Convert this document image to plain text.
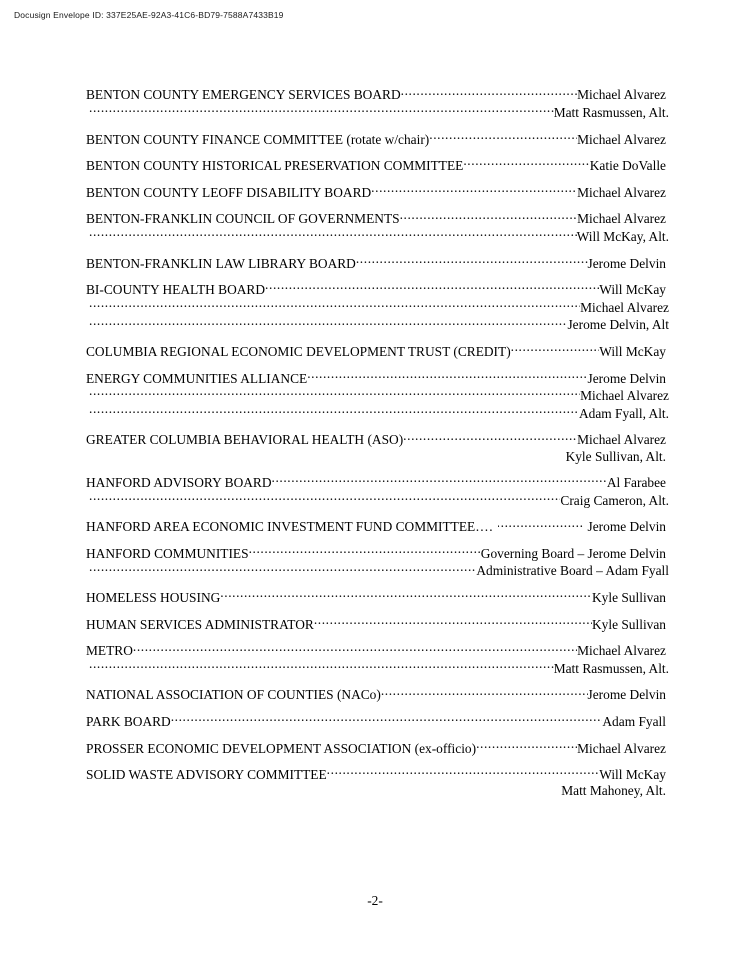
Docusign Envelope ID: 337E25AE-92A3-41C6-BD79-7588A7433B19
BENTON COUNTY EMERGENCY SERVICES BOARD .....	Michael Alvarez
.....
Matt Rasmussen, Alt.
BENTON COUNTY FINANCE COMMITTEE (rotate w/chair) .....	Michael Alvarez
BENTON COUNTY HISTORICAL PRESERVATION COMMITTEE .....	Katie DoValle
BENTON COUNTY LEOFF DISABILITY BOARD .....	Michael Alvarez
BENTON-FRANKLIN COUNCIL OF GOVERNMENTS .....	Michael Alvarez
.....
Will McKay, Alt.
BENTON-FRANKLIN LAW LIBRARY BOARD .....	Jerome Delvin
BI-COUNTY HEALTH BOARD .....	Will McKay
.....
Michael Alvarez
.....
Jerome Delvin, Alt
COLUMBIA REGIONAL ECONOMIC DEVELOPMENT TRUST (CREDIT) .....	Will McKay
ENERGY COMMUNITIES ALLIANCE .....	Jerome Delvin
.....
Michael Alvarez
.....
Adam Fyall, Alt.
GREATER COLUMBIA BEHAVIORAL HEALTH (ASO) .....	Michael Alvarez
Kyle Sullivan, Alt.
HANFORD ADVISORY BOARD .....	Al Farabee
.....
Craig Cameron, Alt.
HANFORD AREA ECONOMIC INVESTMENT FUND COMMITTEE …. .....	Jerome Delvin
HANFORD COMMUNITIES .....	Governing Board – Jerome Delvin
.....
Administrative Board – Adam Fyall
HOMELESS HOUSING .....	Kyle Sullivan
HUMAN SERVICES ADMINISTRATOR .....	Kyle Sullivan
METRO .....	Michael Alvarez
.....
Matt Rasmussen, Alt.
NATIONAL ASSOCIATION OF COUNTIES (NACo) .....	Jerome Delvin
PARK BOARD .....	Adam Fyall
PROSSER ECONOMIC DEVELOPMENT ASSOCIATION (ex-officio) .....	Michael Alvarez
SOLID WASTE ADVISORY COMMITTEE .....	Will McKay
Matt Mahoney, Alt.
-2-
